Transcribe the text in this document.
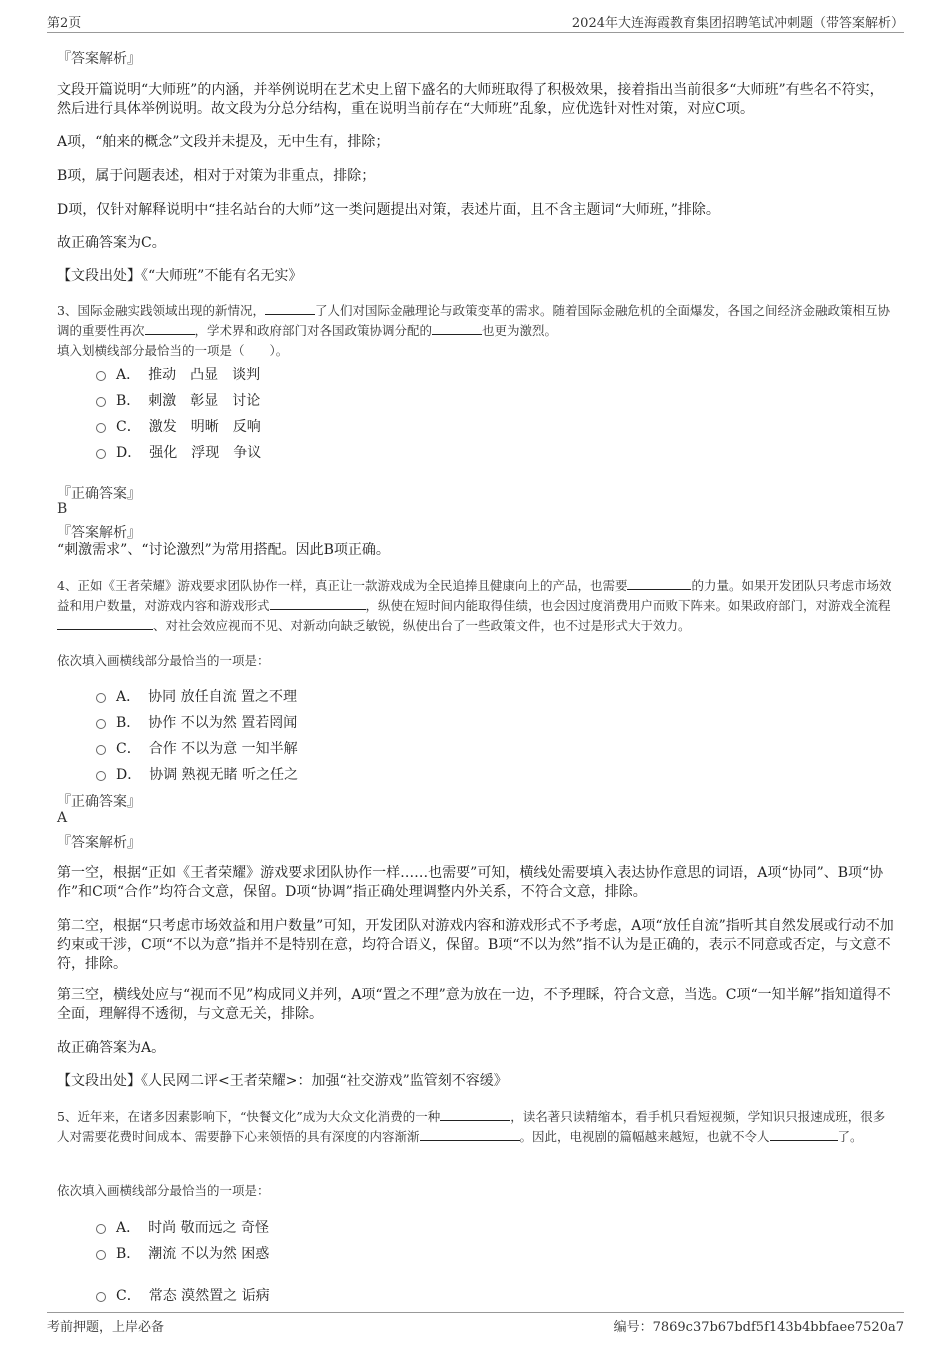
第2页	2024年大连海霞教育集团招聘笔试冲刺题（带答案解析）
『答案解析』
文段开篇说明“大师班”的内涵，并举例说明在艺术史上留下盛名的大师班取得了积极效果，接着指出当前很多“大师班”有些名不符实，然后进行具体举例说明。故文段为分总分结构，重在说明当前存在“大师班”乱象，应优选针对性对策，对应C项。
A项，“舶来的概念”文段并未提及，无中生有，排除；
B项，属于问题表述，相对于对策为非重点，排除；
D项，仅针对解释说明中“挂名站台的大师”这一类问题提出对策，表述片面，且不含主题词“大师班，”排除。
故正确答案为C。
【文段出处】《“大师班”不能有名无实》
3、国际金融实践领域出现的新情况，	了人们对国际金融理论与政策变革的需求。随着国际金融危机的全面爆发，各国之间经济金融政策相互协调的重要性再次	，学术界和政府部门对各国政策协调分配的	也更为激烈。
填入划横线部分最恰当的一项是（　　）。
A． 推动　凸显　谈判
B． 刺激　彰显　讨论
C． 激发　明晰　反响
D． 强化　浮现　争议
『正确答案』
B
『答案解析』
“刺激需求”、“讨论激烈”为常用搭配。因此B项正确。
4、正如《王者荣耀》游戏要求团队协作一样，真正让一款游戏成为全民追捧且健康向上的产品，也需要	的力量。如果开发团队只考虑市场效益和用户数量，对游戏内容和游戏形式	，纵使在短时间内能取得佳绩，也会因过度消费用户而败下阵来。如果政府部门，对游戏全流程、对社会效应视而不见、对新动向缺乏敏锐，纵使出台了一些政策文件，也不过是形式大于效力。
依次填入画横线部分最恰当的一项是：
A． 协同 放任自流 置之不理
B． 协作 不以为然 置若罔闻
C． 合作 不以为意 一知半解
D． 协调 熟视无睹 听之任之
『正确答案』
A
『答案解析』
第一空，根据“正如《王者荣耀》游戏要求团队协作一样……也需要”可知，横线处需要填入表达协作意思的词语，A项“协同”、B项“协作”和C项“合作”均符合文意，保留。D项“协调”指正确处理调整内外关系，不符合文意，排除。
第二空，根据“只考虑市场效益和用户数量”可知，开发团队对游戏内容和游戏形式不予考虑，A项“放任自流”指听其自然发展或行动不加约束或干涉，C项“不以为意”指并不是特别在意，均符合语义，保留。B项“不以为然”指不认为是正确的，表示不同意或否定，与文意不符，排除。
第三空，横线处应与“视而不见”构成同义并列，A项“置之不理”意为放在一边，不予理睬，符合文意，当选。C项“一知半解”指知道得不全面，理解得不透彻，与文意无关，排除。
故正确答案为A。
【文段出处】《人民网二评<王者荣耀>：加强“社交游戏”监管刻不容缓》
5、近年来，在诸多因素影响下，“快餐文化”成为大众文化消费的一种	，读名著只读精缩本，看手机只看短视频，学知识只报速成班，很多人对需要花费时间成本、需要静下心来领悟的具有深度的内容渐渐	。因此，电视剧的篇幅越来越短，也就不令人	了。
依次填入画横线部分最恰当的一项是：
A． 时尚 敬而远之 奇怪
B． 潮流 不以为然 困惑
C． 常态 漠然置之 诟病
考前押题，上岸必备	编号：7869c37b67bdf5f143b4bbfaee7520a7
